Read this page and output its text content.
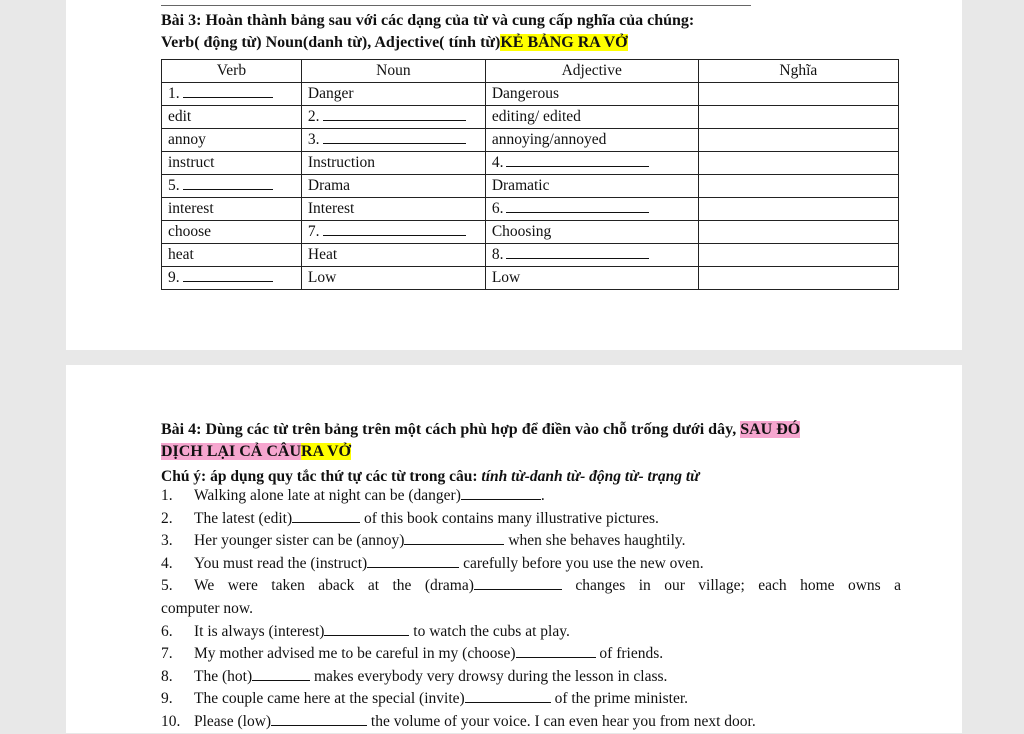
Bài 3: Hoàn thành bảng sau với các dạng của từ và cung cấp nghĩa của chúng:
Verb( động từ) Noun(danh từ), Adjective( tính từ)KẺ BẢNG RA VỞ
Verb	Noun	Adjective	Nghĩa
1.	Danger	Dangerous	
edit	2.	editing/ edited	
annoy	3.	annoying/annoyed	
instruct	Instruction	4.	
5.	Drama	Dramatic	
interest	Interest	6.	
choose	7.	Choosing	
heat	Heat	8.	
9.	Low	Low	
Bài 4: Dùng các từ trên bảng trên một cách phù hợp để điền vào chỗ trống dưới dây, SAU ĐÓ
DỊCH LẠI CẢ CÂURA VỞ
Chú ý: áp dụng quy tắc thứ tự các từ trong câu: tính từ-danh từ- động từ- trạng từ
1.	Walking alone late at night can be (danger)	.
2.	The latest (edit)	of this book contains many illustrative pictures.
3.	Her younger sister can be (annoy)	when she behaves haughtily.
4.	You must read the (instruct)	carefully before you use the new oven.
5.	We were taken aback at the (drama)	changes in our village; each home owns a
computer now.
6.	It is always (interest)	to watch the cubs at play.
7.	My mother advised me to be careful in my (choose)	of friends.
8.	The (hot)	makes everybody very drowsy during the lesson in class.
9.	The couple came here at the special (invite)	of the prime minister.
10. Please (low)	the volume of your voice. I can even hear you from next door.
